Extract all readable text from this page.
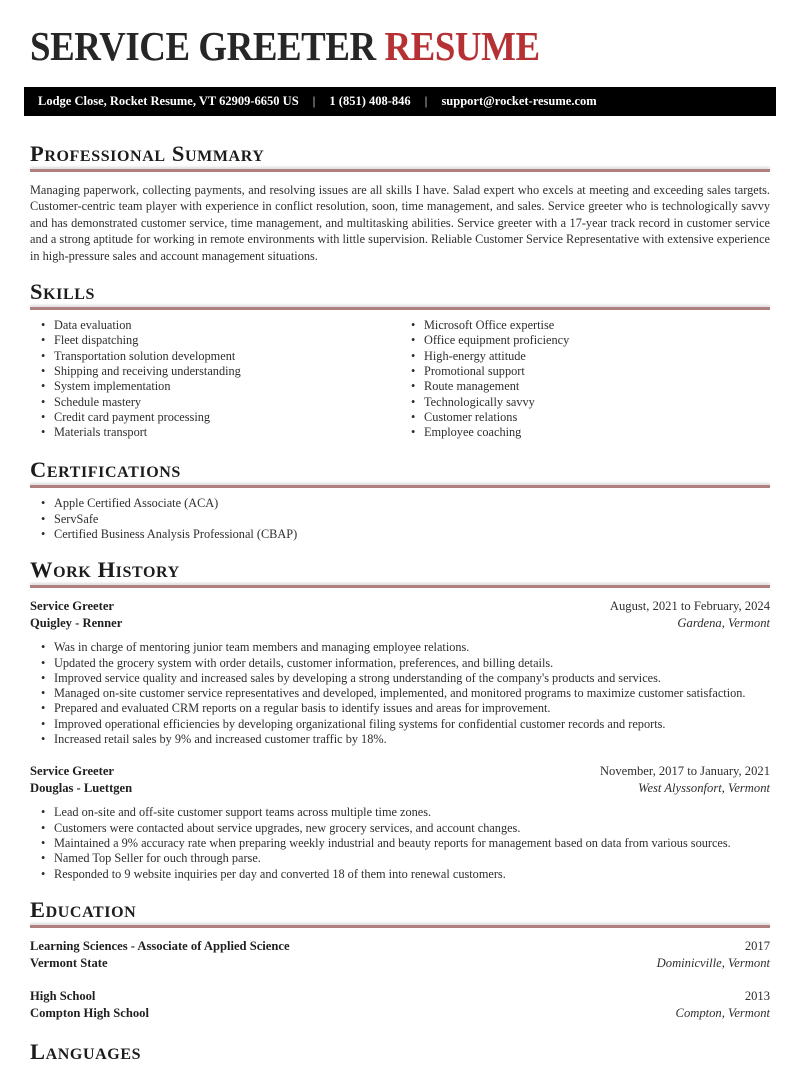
SERVICE GREETER RESUME
Lodge Close, Rocket Resume, VT 62909-6650 US | 1 (851) 408-846 | support@rocket-resume.com
Professional Summary

Managing paperwork, collecting payments, and resolving issues are all skills I have. Salad expert who excels at meeting and exceeding sales targets. Customer-centric team player with experience in conflict resolution, soon, time management, and sales. Service greeter who is technologically savvy and has demonstrated customer service, time management, and multitasking abilities. Service greeter with a 17-year track record in customer service and a strong aptitude for working in remote environments with little supervision. Reliable Customer Service Representative with extensive experience in high-pressure sales and account management situations.

Skills
• Data evaluation
• Fleet dispatching
• Transportation solution development
• Shipping and receiving understanding
• System implementation
• Schedule mastery
• Credit card payment processing
• Materials transport
• Microsoft Office expertise
• Office equipment proficiency
• High-energy attitude
• Promotional support
• Route management
• Technologically savvy
• Customer relations
• Employee coaching
Certifications
• Apple Certified Associate (ACA)
• ServSafe
• Certified Business Analysis Professional (CBAP)
Work History
Service Greeter	August, 2021 to February, 2024
Quigley - Renner	Gardena, Vermont
• Was in charge of mentoring junior team members and managing employee relations.
• Updated the grocery system with order details, customer information, preferences, and billing details.
• Improved service quality and increased sales by developing a strong understanding of the company's products and services.
• Managed on-site customer service representatives and developed, implemented, and monitored programs to maximize customer satisfaction.
• Prepared and evaluated CRM reports on a regular basis to identify issues and areas for improvement.
• Improved operational efficiencies by developing organizational filing systems for confidential customer records and reports.
• Increased retail sales by 9% and increased customer traffic by 18%.
Service Greeter	November, 2017 to January, 2021
Douglas - Luettgen	West Alyssonfort, Vermont
• Lead on-site and off-site customer support teams across multiple time zones.
• Customers were contacted about service upgrades, new grocery services, and account changes.
• Maintained a 9% accuracy rate when preparing weekly industrial and beauty reports for management based on data from various sources.
• Named Top Seller for ouch through parse.
• Responded to 9 website inquiries per day and converted 18 of them into renewal customers.
Education
Learning Sciences - Associate of Applied Science	2017
Vermont State	Dominicville, Vermont
High School	2013
Compton High School	Compton, Vermont
Languages
